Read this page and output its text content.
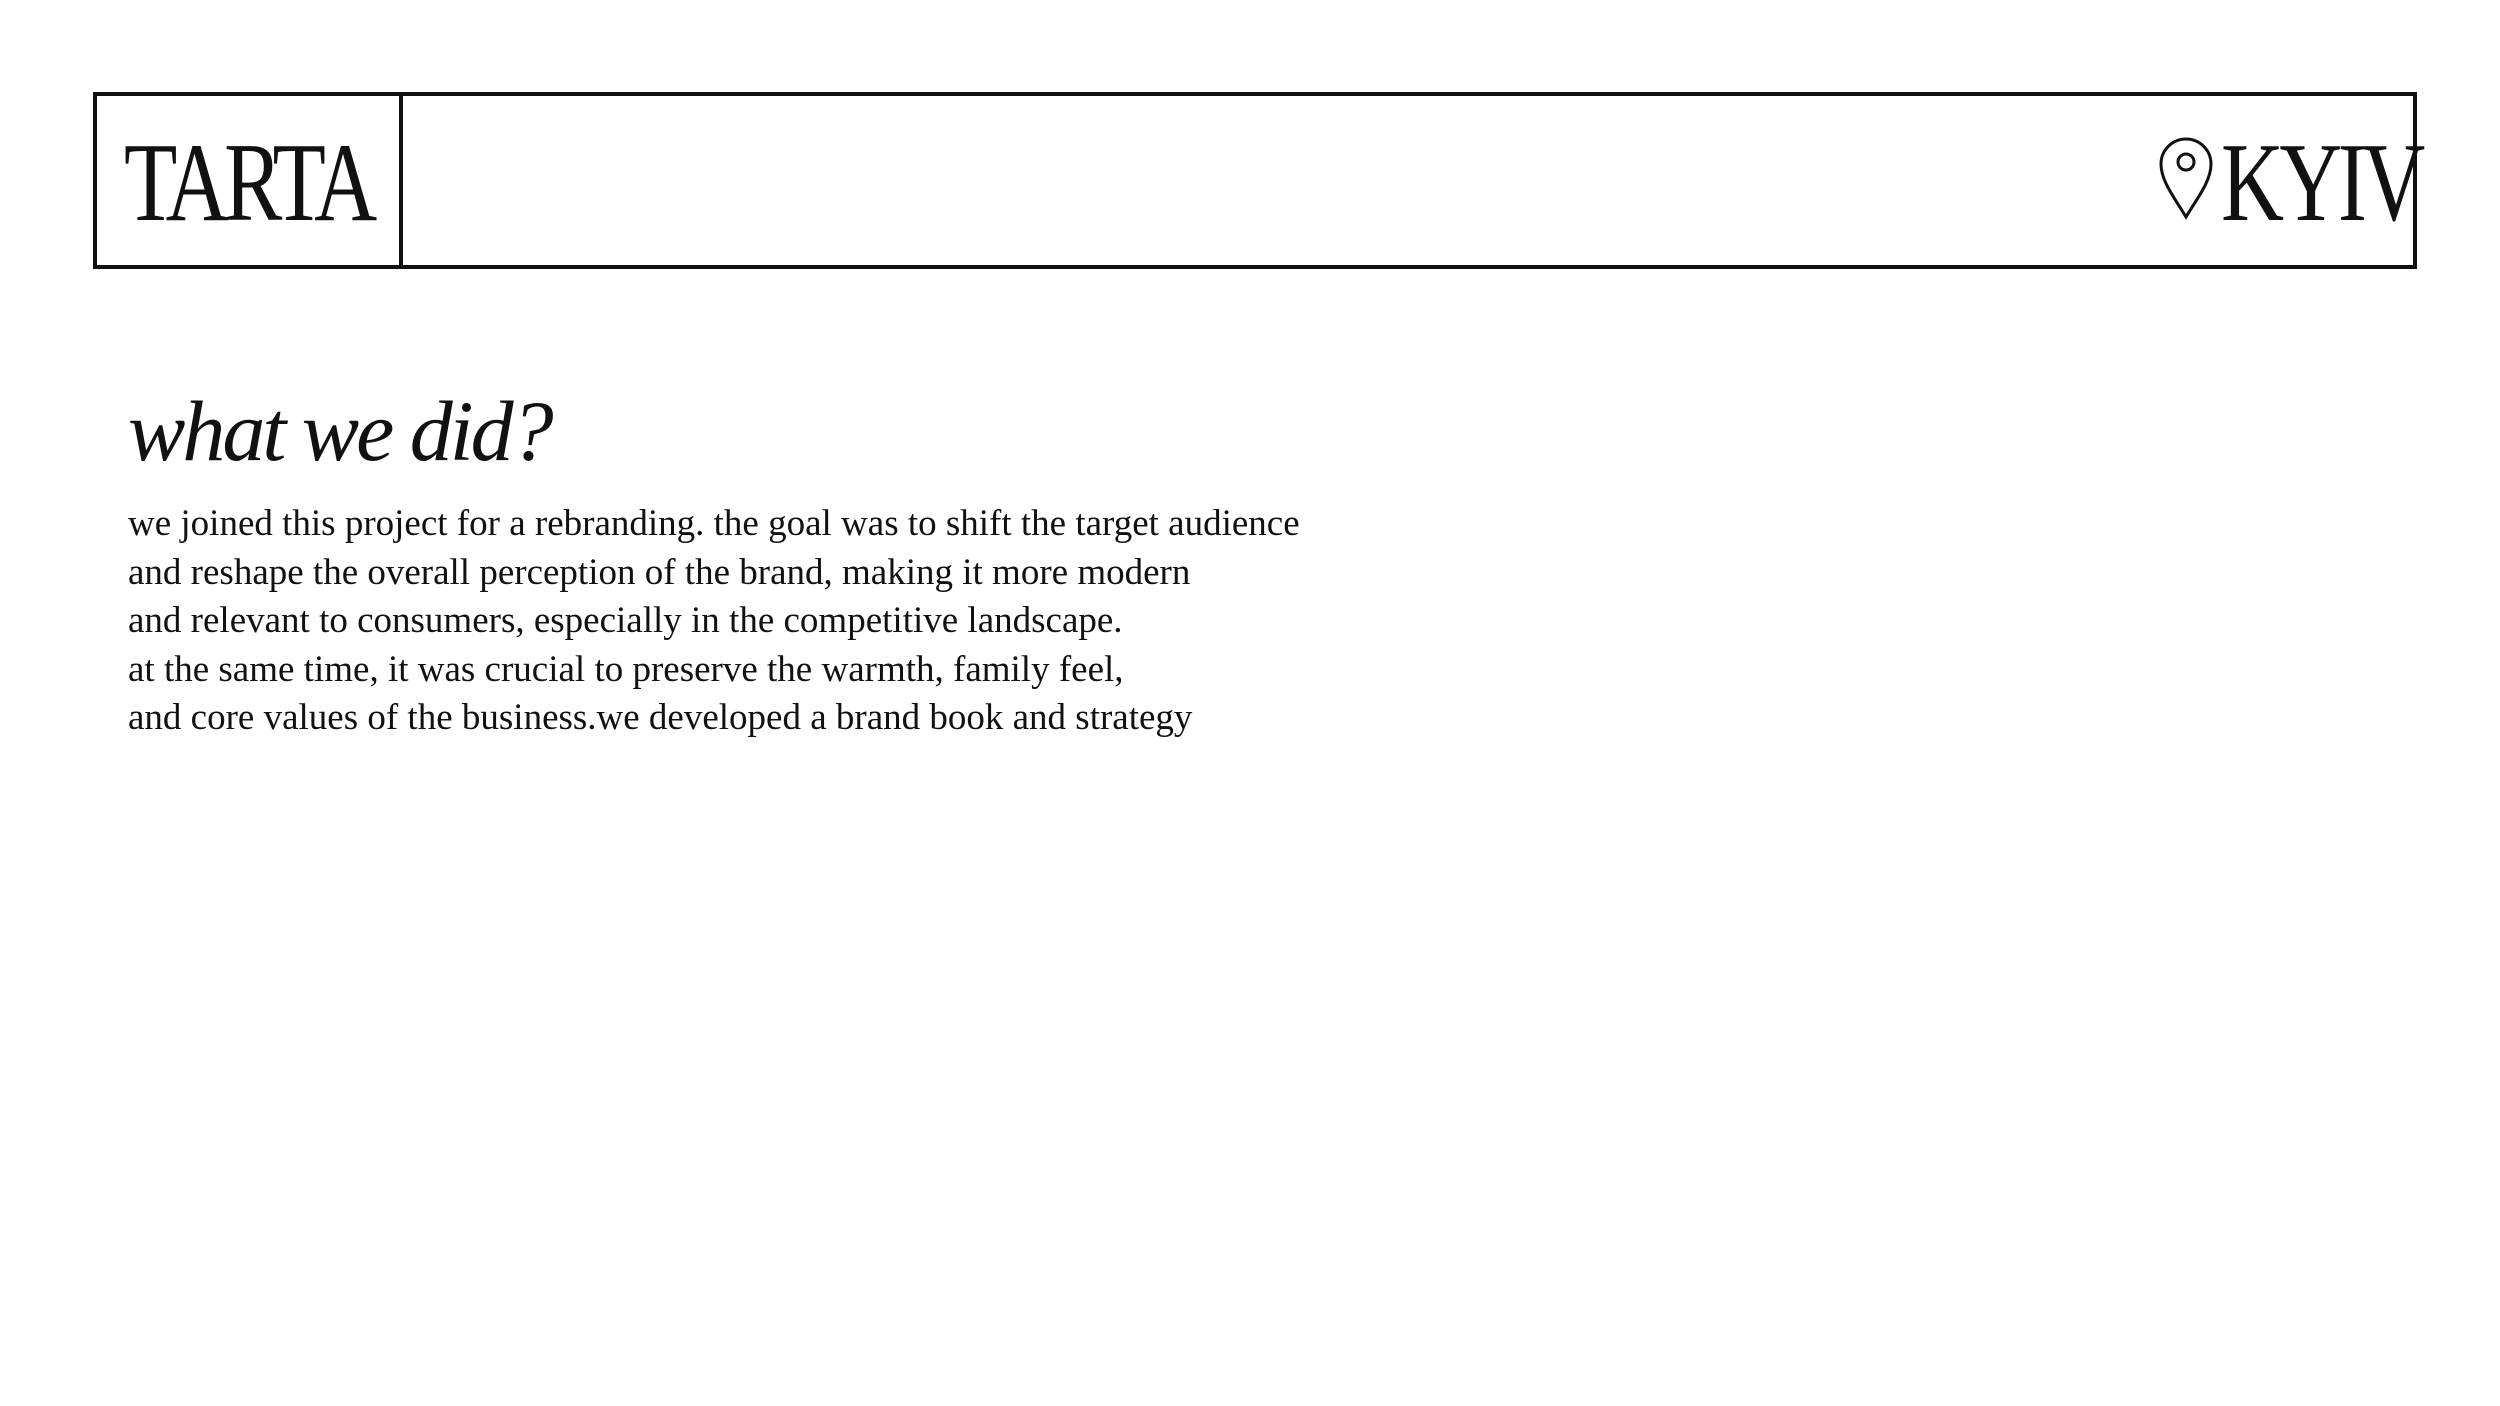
TARTA	KYIV
what we did?

we joined this project for a rebranding. the goal was to shift the target audience
and reshape the overall perception of the brand, making it more modern
and relevant to consumers, especially in the competitive landscape.
at the same time, it was crucial to preserve the warmth, family feel,
and core values of the business.we developed a brand book and strategy
